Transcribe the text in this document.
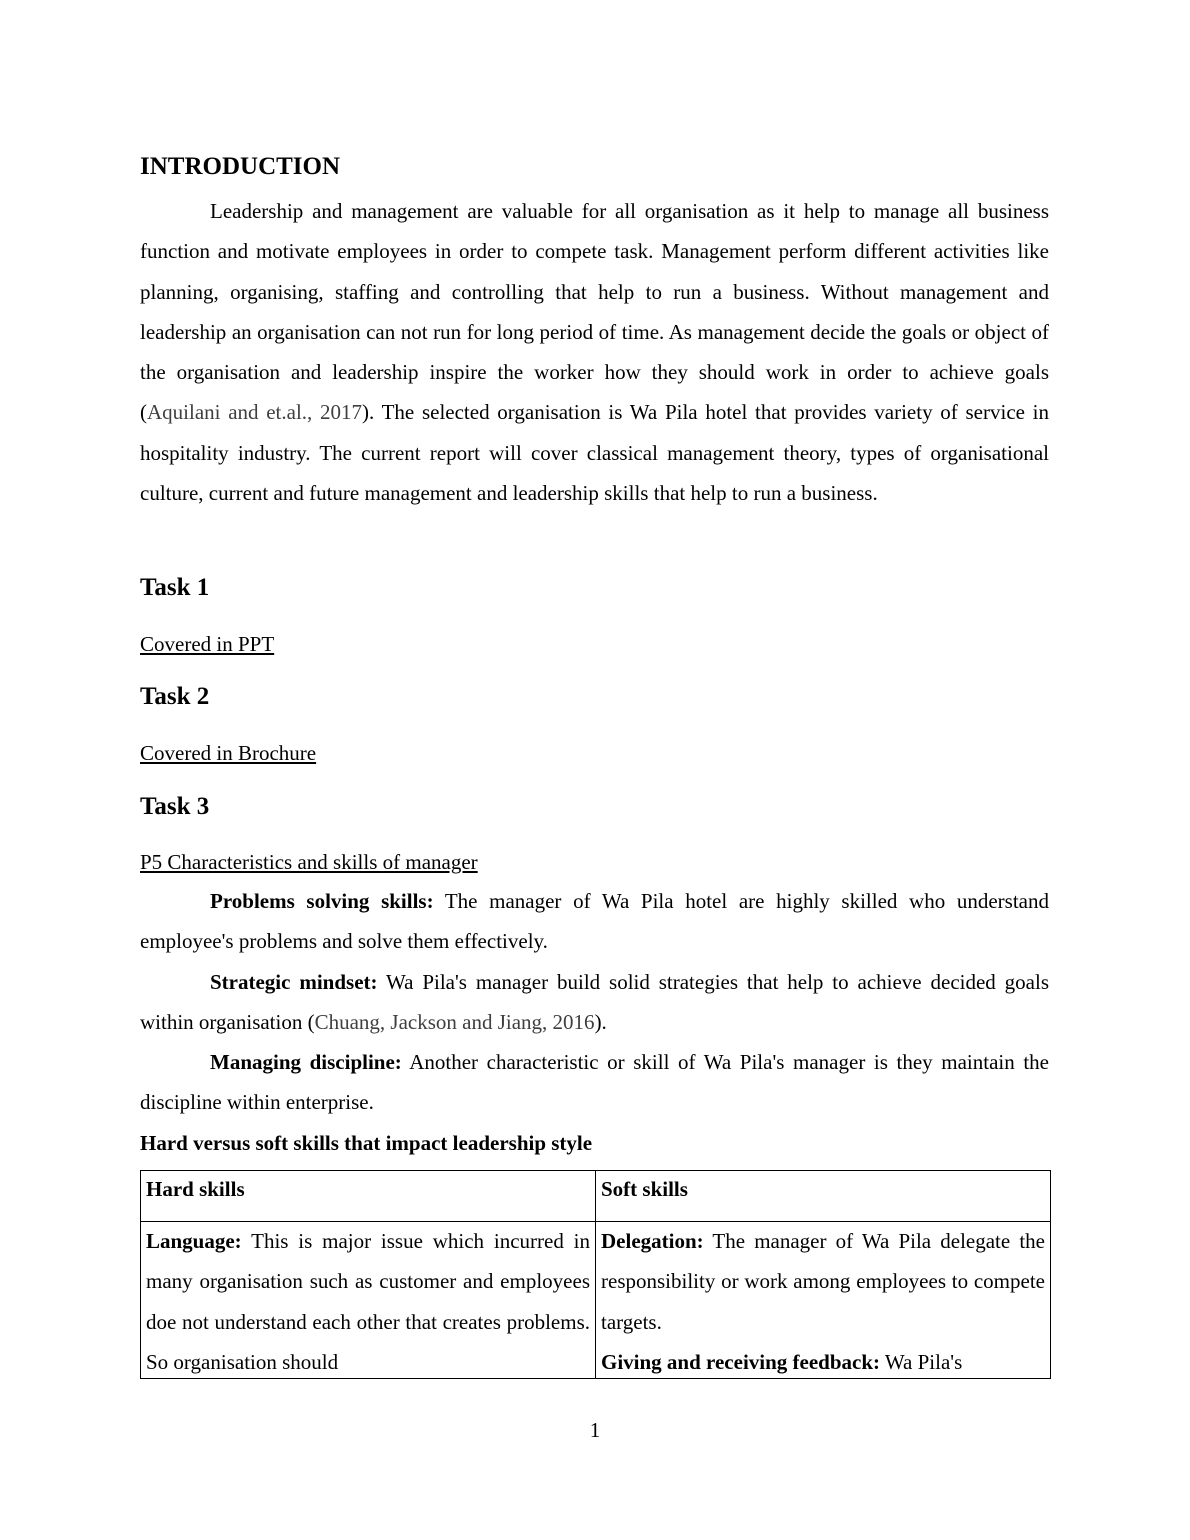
INTRODUCTION

Leadership and management are valuable for all organisation as it help to manage all business function and motivate employees in order to compete task. Management perform different activities like planning, organising, staffing and controlling that help to run a business. Without management and leadership an organisation can not run for long period of time. As management decide the goals or object of the organisation and leadership inspire the worker how they should work in order to achieve goals (Aquilani and et.al., 2017). The selected organisation is Wa Pila hotel that provides variety of service in hospitality industry. The current report will cover classical management theory, types of organisational culture, current and future management and leadership skills that help to run a business.

Task 1

Covered in PPT

Task 2

Covered in Brochure

Task 3

P5 Characteristics and skills of manager

Problems solving skills: The manager of Wa Pila hotel are highly skilled who understand employee's problems and solve them effectively.

Strategic mindset: Wa Pila's manager build solid strategies that help to achieve decided goals within organisation (Chuang, Jackson and Jiang, 2016).

Managing discipline: Another characteristic or skill of Wa Pila's manager is they maintain the discipline within enterprise.

Hard versus soft skills that impact leadership style

Hard skills

Language: This is major issue which incurred in many organisation such as customer and employees doe not understand each other that creates problems. So organisation should

Soft skills

Delegation: The manager of Wa Pila delegate the responsibility or work among employees to compete targets.
Giving and receiving feedback: Wa Pila's

1
